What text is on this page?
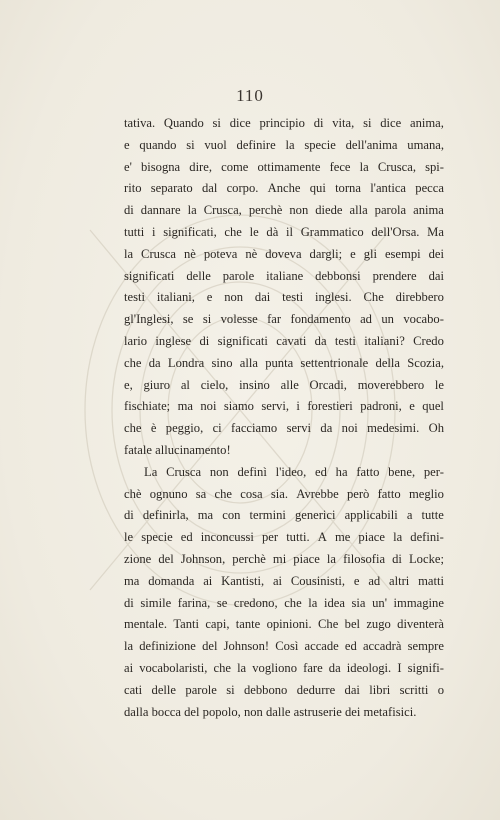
110
tativa. Quando si dice principio di vita, si dice anima,
e quando si vuol definire la specie dell'anima umana,
e' bisogna dire, come ottimamente fece la Crusca, spi-
rito separato dal corpo. Anche qui torna l'antica pecca
di dannare la Crusca, perchè non diede alla parola anima
tutti i significati, che le dà il Grammatico dell'Orsa. Ma
la Crusca nè poteva nè doveva dargli; e gli esempi dei
significati delle parole italiane debbonsi prendere dai
testi italiani, e non dai testi inglesi. Che direbbero
gl'Inglesi, se si volesse far fondamento ad un vocabo-
lario inglese di significati cavati da testi italiani? Credo
che da Londra sino alla punta settentrionale della Scozia,
e, giuro al cielo, insino alle Orcadi, moverebbero le
fischiate; ma noi siamo servi, i forestieri padroni, e quel
che è peggio, ci facciamo servi da noi medesimi. Oh
fatale allucinamento!
La Crusca non definì l'ideo, ed ha fatto bene, per-
chè ognuno sa che cosa sia. Avrebbe però fatto meglio
di definirla, ma con termini generici applicabili a tutte
le specie ed inconcussi per tutti. A me piace la defini-
zione del Johnson, perchè mi piace la filosofia di Locke;
ma domanda ai Kantisti, ai Cousinisti, e ad altri matti
di simile farina, se credono, che la idea sia un' immagine
mentale. Tanti capi, tante opinioni. Che bel zugo diventerà
la definizione del Johnson! Così accade ed accadrà sempre
ai vocabolaristi, che la vogliono fare da ideologi. I signifi-
cati delle parole si debbono dedurre dai libri scritti o
dalla bocca del popolo, non dalle astruserie dei metafisici.
